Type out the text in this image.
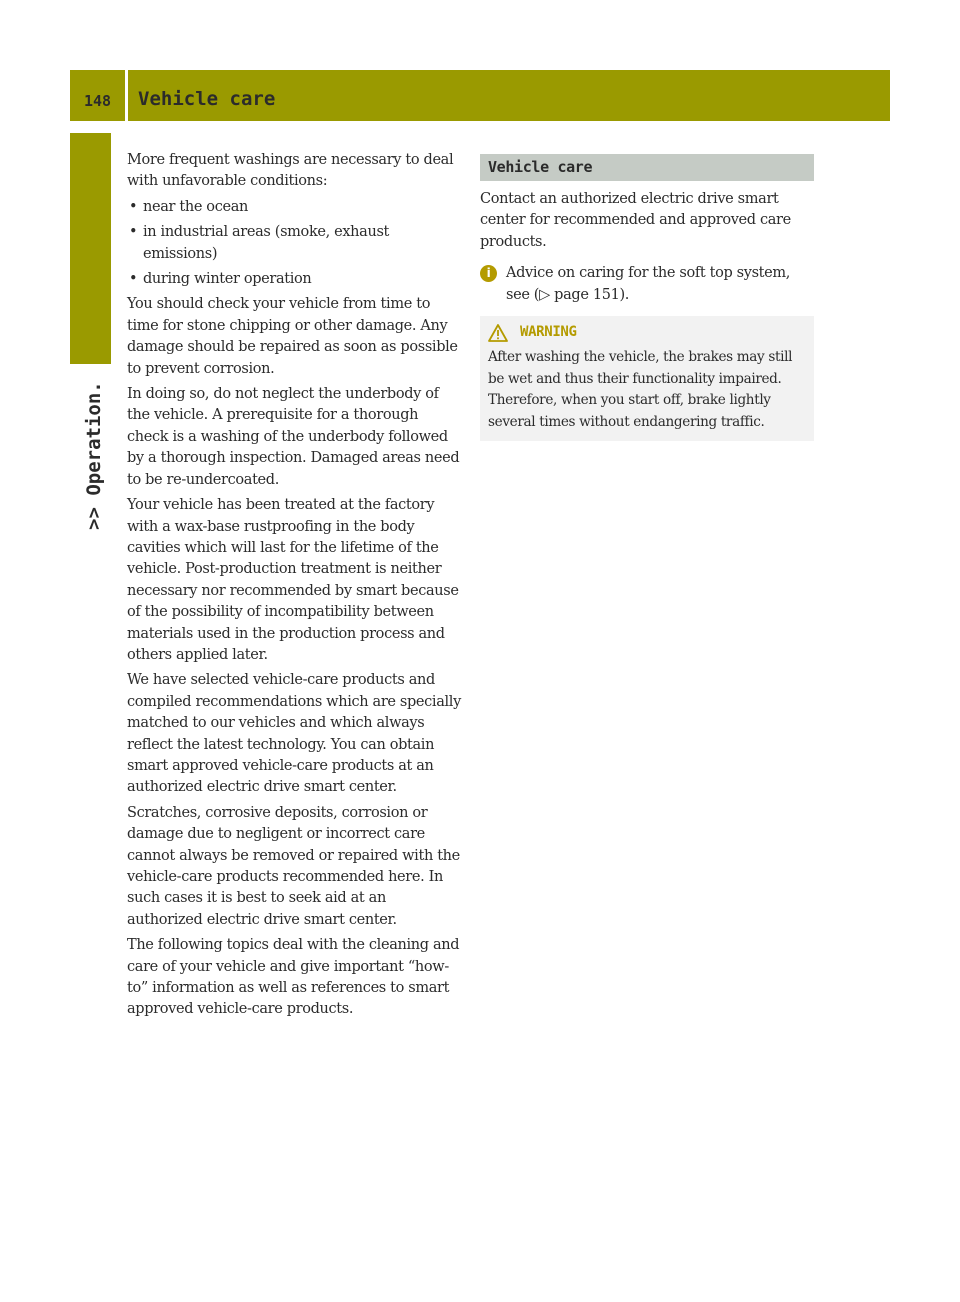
148	Vehicle care
>> Operation.

More frequent washings are necessary to deal with unfavorable conditions:

• near the ocean
• in industrial areas (smoke, exhaust emissions)
• during winter operation

You should check your vehicle from time to time for stone chipping or other damage. Any damage should be repaired as soon as possible to prevent corrosion.

In doing so, do not neglect the underbody of the vehicle. A prerequisite for a thorough check is a washing of the underbody followed by a thorough inspection. Damaged areas need to be re-undercoated.

Your vehicle has been treated at the factory with a wax-base rustproofing in the body cavities which will last for the lifetime of the vehicle. Post-production treatment is neither necessary nor recommended by smart because of the possibility of incompatibility between materials used in the production process and others applied later.

We have selected vehicle-care products and compiled recommendations which are specially matched to our vehicles and which always reflect the latest technology. You can obtain smart approved vehicle-care products at an authorized electric drive smart center.

Scratches, corrosive deposits, corrosion or damage due to negligent or incorrect care cannot always be removed or repaired with the vehicle-care products recommended here. In such cases it is best to seek aid at an authorized electric drive smart center.

The following topics deal with the cleaning and care of your vehicle and give important “how-to” information as well as references to smart approved vehicle-care products.

Vehicle care

Contact an authorized electric drive smart center for recommended and approved care products.

i	Advice on caring for the soft top system, see (▷ page 151).
WARNING
After washing the vehicle, the brakes may still be wet and thus their functionality impaired. Therefore, when you start off, brake lightly several times without endangering traffic.
